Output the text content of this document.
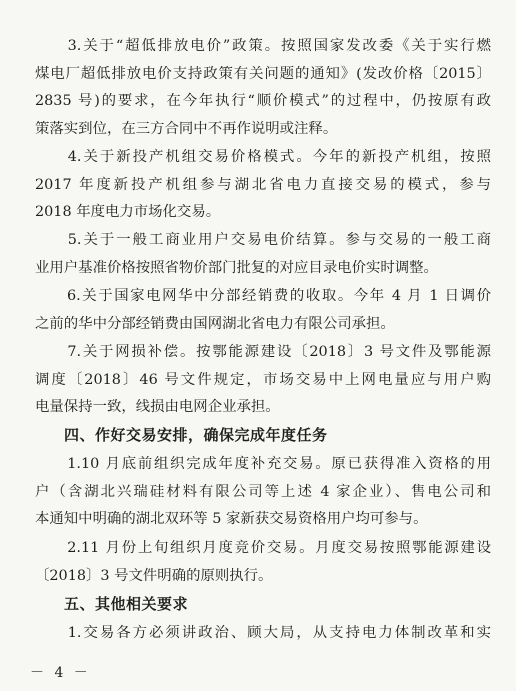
　　3.关于“超低排放电价”政策。按照国家发改委《关于实行燃
煤电厂超低排放电价支持政策有关问题的通知》(发改价格〔2015〕
2835 号)的要求，在今年执行“顺价模式”的过程中，仍按原有政
策落实到位，在三方合同中不再作说明或注释。
　　4.关于新投产机组交易价格模式。今年的新投产机组，按照
2017 年度新投产机组参与湖北省电力直接交易的模式，参与
2018 年度电力市场化交易。
　　5.关于一般工商业用户交易电价结算。参与交易的一般工商
业用户基准价格按照省物价部门批复的对应目录电价实时调整。
　　6.关于国家电网华中分部经销费的收取。今年 4 月 1 日调价
之前的华中分部经销费由国网湖北省电力有限公司承担。
　　7.关于网损补偿。按鄂能源建设〔2018〕3 号文件及鄂能源
调度〔2018〕46 号文件规定，市场交易中上网电量应与用户购
电量保持一致，线损由电网企业承担。
四、作好交易安排，确保完成年度任务
　　1.10 月底前组织完成年度补充交易。原已获得准入资格的用
户（含湖北兴瑞硅材料有限公司等上述 4 家企业）、售电公司和
本通知中明确的湖北双环等 5 家新获交易资格用户均可参与。
　　2.11 月份上旬组织月度竞价交易。月度交易按照鄂能源建设
〔2018〕3 号文件明确的原则执行。
五、其他相关要求
　　1.交易各方必须讲政治、顾大局，从支持电力体制改革和实
－ 4 －
